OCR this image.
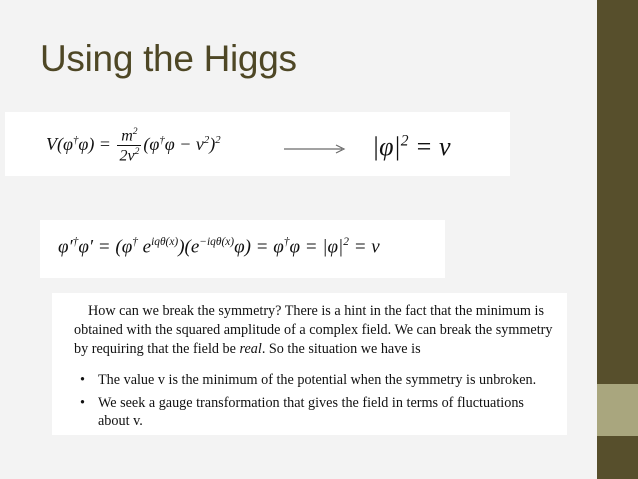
Using the Higgs
$V(\varphi^\dagger\varphi) = \frac{m^2}{2v^2} (\varphi^\dagger\varphi - v^2)^2$	$|\varphi|^2 = v$
φ′†φ′ = (φ† $e^{iq\theta(x)})(e^{-iq\theta(x)}\varphi) = \varphi^\dagger\varphi = |\varphi|^2 = v$

How can we break the symmetry? There is a hint in the fact that the minimum is

obtained with the squared amplitude of a complex field. We can break the symmetry

by requiring that the field be real. So the situation we have is

• The value v is the minimum of the potential when the symmetry is unbroken.
• We seek a gauge transformation that gives the field in terms of fluctuations about v.
